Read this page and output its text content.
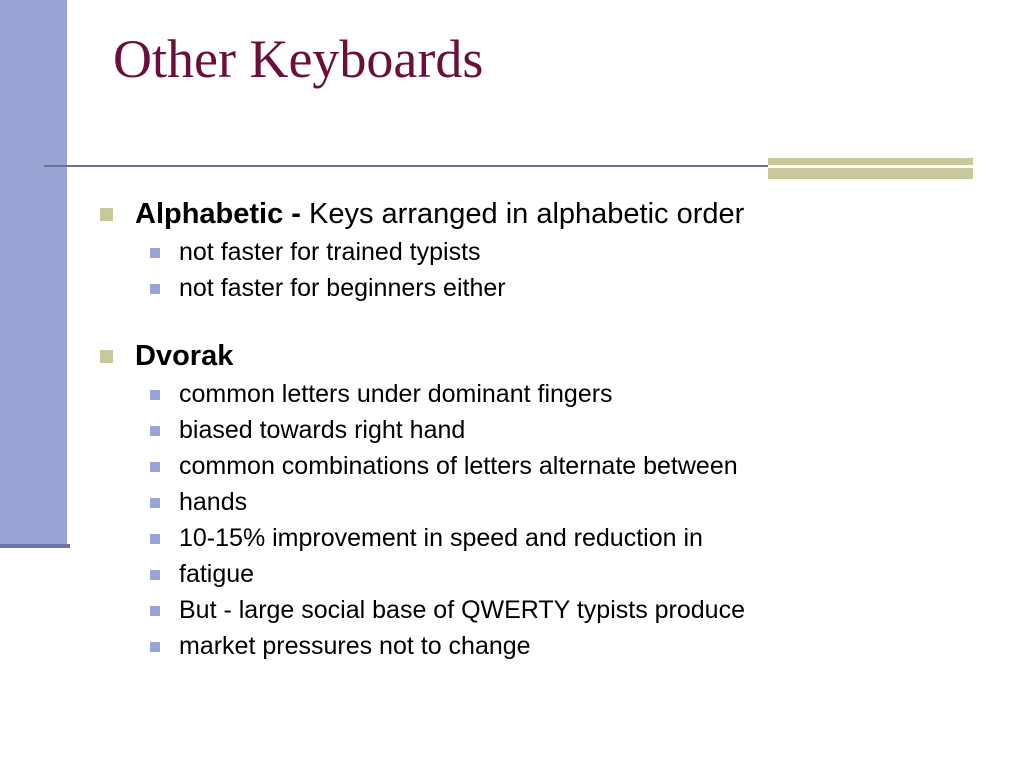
Other Keyboards
Alphabetic - Keys arranged in alphabetic order
not faster for trained typists
not faster for beginners either
Dvorak
common letters under dominant fingers
biased towards right hand
common combinations of letters alternate between
hands
10-15% improvement in speed and reduction in
fatigue
But - large social base of QWERTY typists produce
market pressures not to change
